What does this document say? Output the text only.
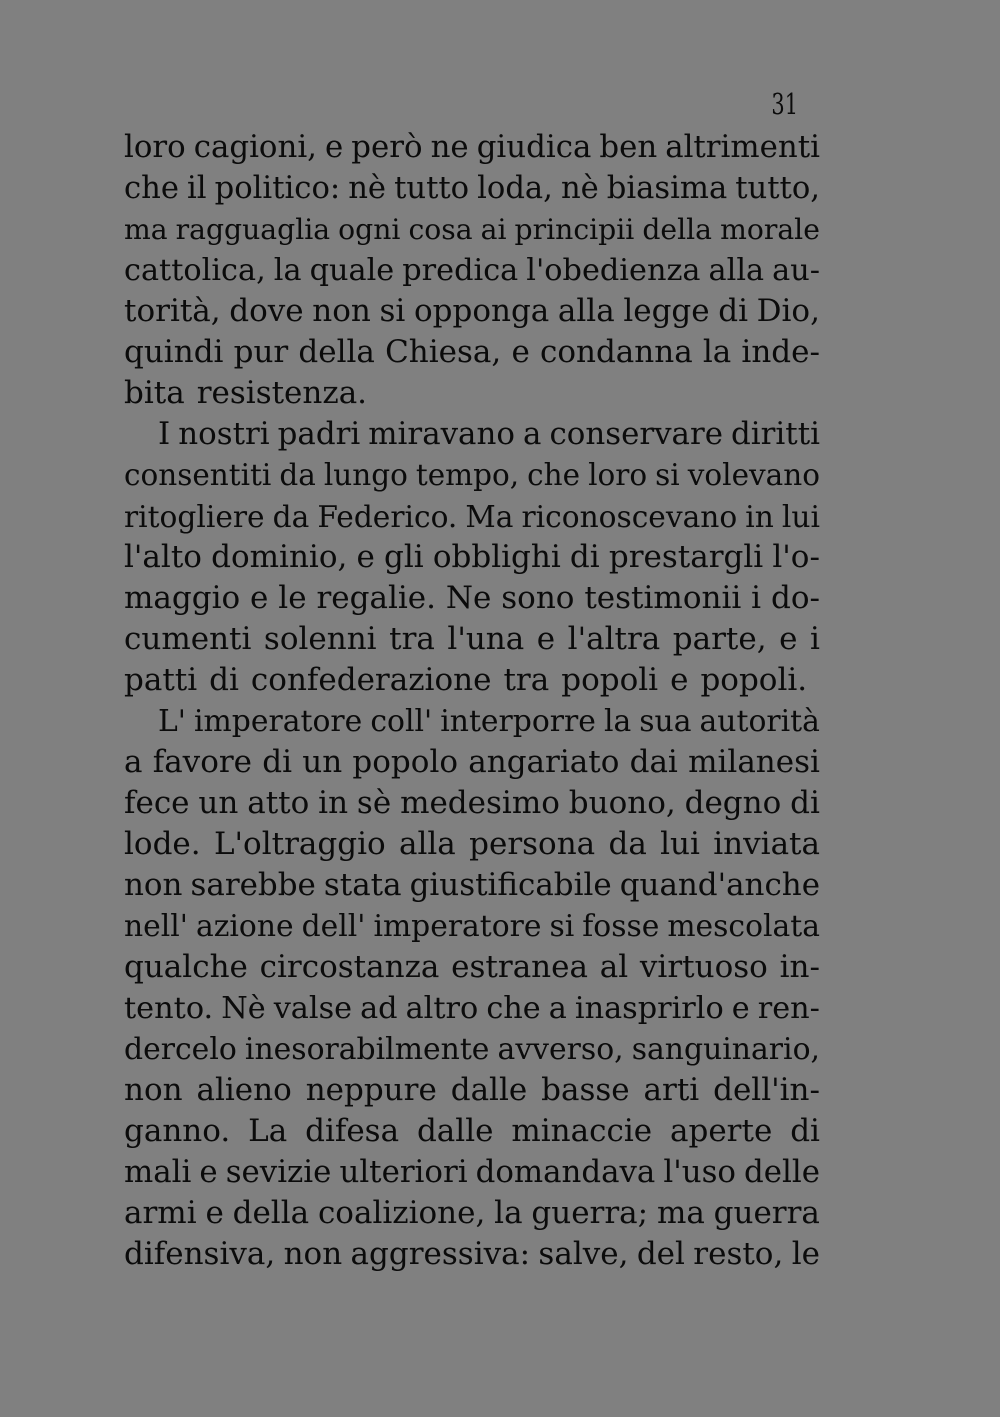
31
loro cagioni, e però ne giudica ben altrimenti
che il politico: nè tutto loda, nè biasima tutto,
ma ragguaglia ogni cosa ai principii della morale
cattolica, la quale predica l'obedienza alla au-
torità, dove non si opponga alla legge di Dio,
quindi pur della Chiesa, e condanna la inde-
bita resistenza.
I nostri padri miravano a conservare diritti
consentiti da lungo tempo, che loro si volevano
ritogliere da Federico. Ma riconoscevano in lui
l'alto dominio, e gli obblighi di prestargli l'o-
maggio e le regalie. Ne sono testimonii i do-
cumenti solenni tra l'una e l'altra parte, e i
patti di confederazione tra popoli e popoli.
L' imperatore coll' interporre la sua autorità
a favore di un popolo angariato dai milanesi
fece un atto in sè medesimo buono, degno di
lode. L'oltraggio alla persona da lui inviata
non sarebbe stata giustificabile quand'anche
nell' azione dell' imperatore si fosse mescolata
qualche circostanza estranea al virtuoso in-
tento. Nè valse ad altro che a inasprirlo e ren-
dercelo inesorabilmente avverso, sanguinario,
non alieno neppure dalle basse arti dell'in-
ganno. La difesa dalle minaccie aperte di
mali e sevizie ulteriori domandava l'uso delle
armi e della coalizione, la guerra; ma guerra
difensiva, non aggressiva: salve, del resto, le
